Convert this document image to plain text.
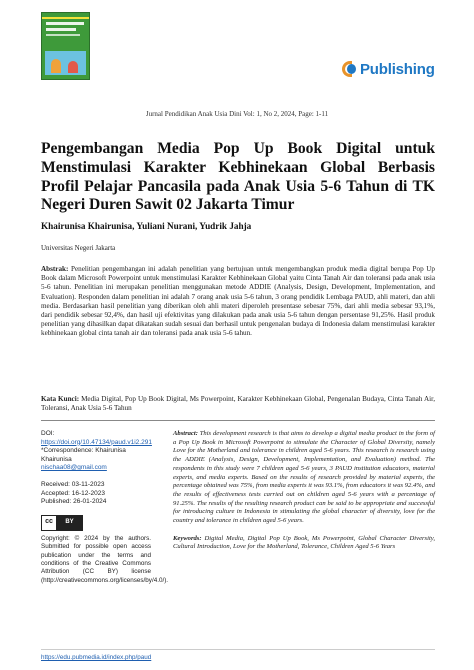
Publishing
Jurnal Pendidikan Anak Usia Dini Vol: 1, No 2, 2024, Page: 1-11
Pengembangan Media Pop Up Book Digital untuk Menstimulasi Karakter Kebhinekaan Global Berbasis Profil Pelajar Pancasila pada Anak Usia 5-6 Tahun di TK Negeri Duren Sawit 02 Jakarta Timur
Khairunisa Khairunisa, Yuliani Nurani, Yudrik Jahja
Universitas Negeri Jakarta
Abstrak: Penelitian pengembangan ini adalah penelitian yang bertujuan untuk mengembangkan produk media digital berupa Pop Up Book dalam Microsoft Powerpoint untuk menstimulasi Karakter Kebhinekaan Global yaitu Cinta Tanah Air dan toleransi pada anak usia 5-6 tahun. Penelitian ini merupakan penelitian menggunakan metode ADDIE (Analysis, Design, Development, Implementation, and Evaluation). Responden dalam penelitian ini adalah 7 orang anak usia 5-6 tahun, 3 orang pendidik Lembaga PAUD, ahli materi, dan ahli media. Berdasarkan hasil penelitian yang diberikan oleh ahli materi diperoleh presentase sebesar 75%, dari ahli media sebesar 93,1%, dari pendidik sebesar 92,4%, dan hasil uji efektivitas yang dilakukan pada anak usia 5-6 tahun dengan persentase 91,25%. Hasil produk penelitian yang dihasilkan dapat dikatakan sudah sesuai dan berhasil untuk pengenalan budaya di Indonesia dalam menstimulasi karakter kebhinekaan global cinta tanah air dan toleransi pada anak usia 5-6 tahun.
Kata Kunci: Media Digital, Pop Up Book Digital, Ms Powerpoint, Karakter Kebhinekaan Global, Pengenalan Budaya, Cinta Tanah Air, Toleransi, Anak Usia 5-6 Tahun
DOI:
https://doi.org/10.47134/paud.v1i2.291
*Correspondence: Khairunisa
Khairunisa
nischaa08@gmail.com
Received: 03-11-2023
Accepted: 16-12-2023
Published: 26-01-2024
cc	BY
Copyright: © 2024 by the authors. Submitted for possible open access publication under the terms and conditions of the Creative Commons Attribution (CC BY) license (http://creativecommons.org/licenses/by/4.0/).
Abstract: This development research is that aims to develop a digital media product in the form of a Pop Up Book in Microsoft Powerpoint to stimulate the Character of Global Diversity, namely Love for the Motherland and tolerance in children aged 5-6 years. This research is research using the ADDIE (Analysis, Design, Development, Implementation, and Evaluation) method. The respondents in this study were 7 children aged 5-6 years, 3 PAUD institution educators, material experts, and media experts. Based on the results of research provided by material experts, the percentage obtained was 75%, from media experts it was 93.1%, from educators it was 92.4%, and the results of effectiveness tests carried out on children aged 5-6 years with a percentage of 91.25%. The results of the resulting research product can be said to be appropriate and successful for introducing culture in Indonesia in stimulating the global character of diversity, love for the country and tolerance in children aged 5-6 years.
Keywords: Digital Media, Digital Pop Up Book, Ms Powerpoint, Global Character Diversity, Cultural Introduction, Love for the Motherland, Tolerance, Children Aged 5-6 Years
https://edu.pubmedia.id/index.php/paud
